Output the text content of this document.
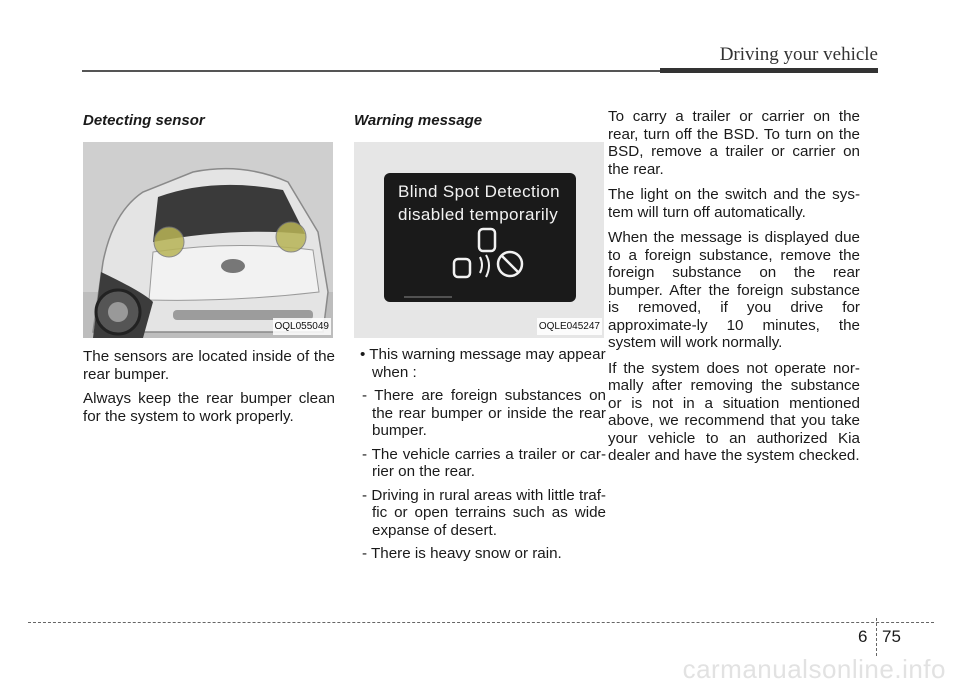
Driving your vehicle
Detecting sensor
OQL055049

The sensors are located inside of the rear bumper.

Always keep the rear bumper clean for the system to work properly.

Warning message
Blind Spot Detection
disabled temporarily
OQLE045247
• This warning message may appear when :
- There are foreign substances on the rear bumper or inside the rear bumper.
- The vehicle carries a trailer or car-rier on the rear.
- Driving in rural areas with little traf-fic or open terrains such as wide expanse of desert.
- There is heavy snow or rain.

To carry a trailer or carrier on the rear, turn off the BSD. To turn on the BSD, remove a trailer or carrier on the rear.

The light on the switch and the sys-tem will turn off automatically.

When the message is displayed due to a foreign substance, remove the foreign substance on the rear bumper. After the foreign substance is removed, if you drive for approximate-ly 10 minutes, the system will work normally.

If the system does not operate nor-mally after removing the substance or is not in a situation mentioned above, we recommend that you take your vehicle to an authorized Kia dealer and have the system checked.

6 75
carmanualsonline.info
